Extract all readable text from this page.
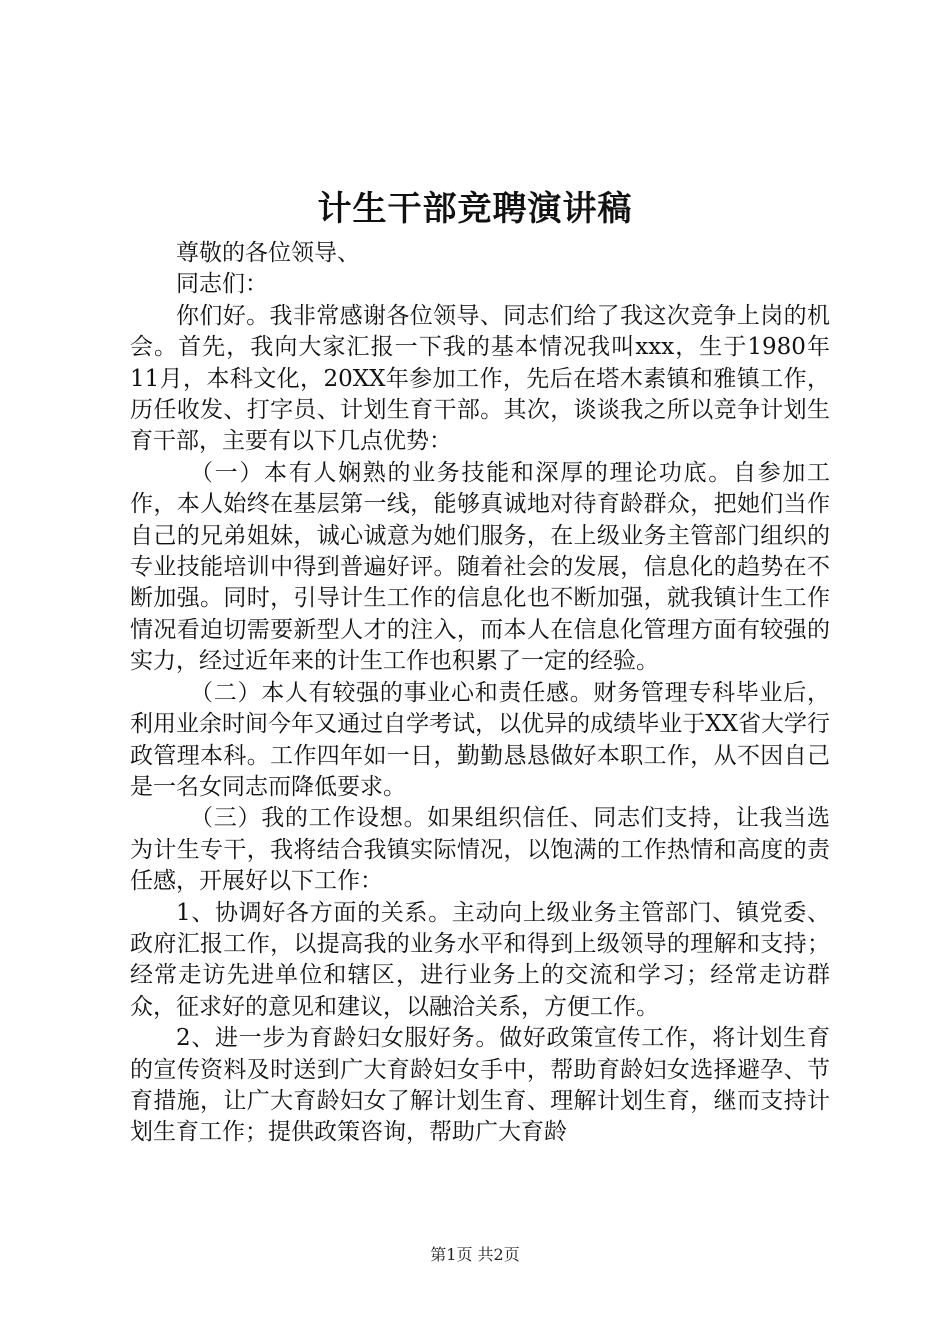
计生干部竞聘演讲稿

尊敬的各位领导、

同志们：

你们好。我非常感谢各位领导、同志们给了我这次竞争上岗的机会。首先，我向大家汇报一下我的基本情况我叫xxx，生于1980年11月，本科文化，20XX年参加工作，先后在塔木素镇和雅镇工作，历任收发、打字员、计划生育干部。其次，谈谈我之所以竞争计划生育干部，主要有以下几点优势：

（一）本有人娴熟的业务技能和深厚的理论功底。自参加工作，本人始终在基层第一线，能够真诚地对待育龄群众，把她们当作自己的兄弟姐妹，诚心诚意为她们服务，在上级业务主管部门组织的专业技能培训中得到普遍好评。随着社会的发展，信息化的趋势在不断加强。同时，引导计生工作的信息化也不断加强，就我镇计生工作情况看迫切需要新型人才的注入，而本人在信息化管理方面有较强的实力，经过近年来的计生工作也积累了一定的经验。

（二）本人有较强的事业心和责任感。财务管理专科毕业后，利用业余时间今年又通过自学考试，以优异的成绩毕业于XX省大学行政管理本科。工作四年如一日，勤勤恳恳做好本职工作，从不因自己是一名女同志而降低要求。

（三）我的工作设想。如果组织信任、同志们支持，让我当选为计生专干，我将结合我镇实际情况，以饱满的工作热情和高度的责任感，开展好以下工作：

1、协调好各方面的关系。主动向上级业务主管部门、镇党委、政府汇报工作，以提高我的业务水平和得到上级领导的理解和支持；经常走访先进单位和辖区，进行业务上的交流和学习；经常走访群众，征求好的意见和建议，以融洽关系，方便工作。

2、进一步为育龄妇女服好务。做好政策宣传工作，将计划生育的宣传资料及时送到广大育龄妇女手中，帮助育龄妇女选择避孕、节育措施，让广大育龄妇女了解计划生育、理解计划生育，继而支持计划生育工作；提供政策咨询，帮助广大育龄

第1页 共2页
